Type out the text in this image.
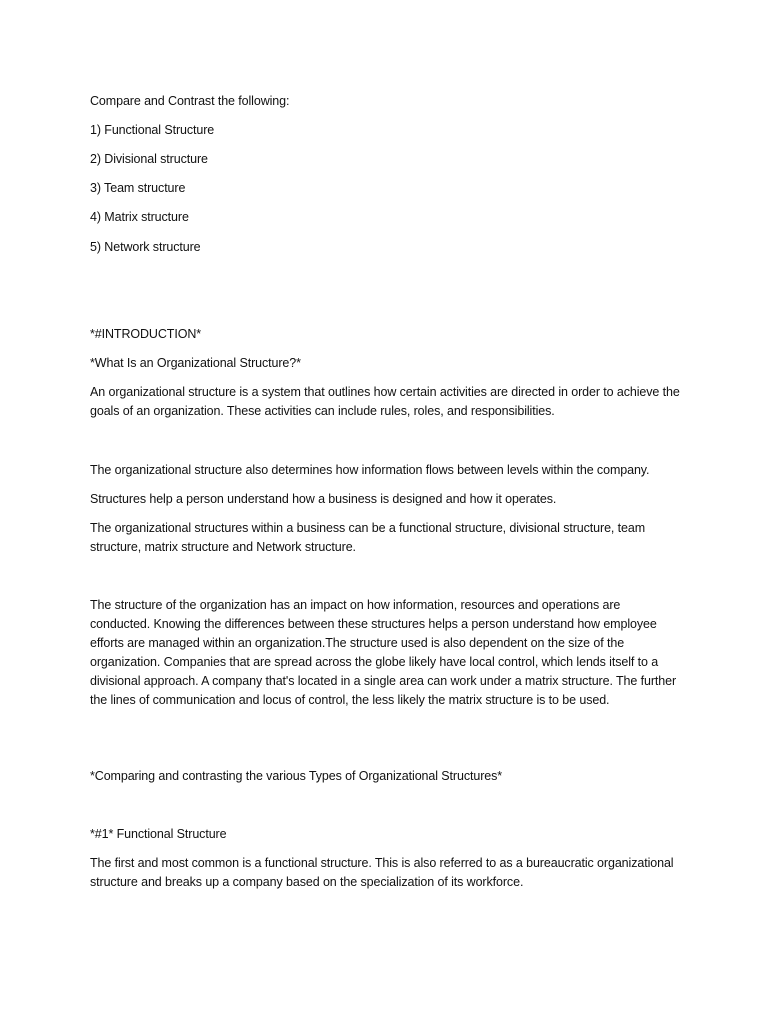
Compare and Contrast the following:

1) Functional Structure

2) Divisional structure

3) Team structure

4) Matrix structure

5) Network structure

*#INTRODUCTION*

*What Is an Organizational Structure?*

An organizational structure is a system that outlines how certain activities are directed in order to achieve the goals of an organization. These activities can include rules, roles, and responsibilities.

The organizational structure also determines how information flows between levels within the company.

Structures help a person understand how a business is designed and how it operates.

The organizational structures within a business can be a functional structure, divisional structure, team structure, matrix structure and Network structure.

The structure of the organization has an impact on how information, resources and operations are conducted. Knowing the differences between these structures helps a person understand how employee efforts are managed within an organization.The structure used is also dependent on the size of the organization. Companies that are spread across the globe likely have local control, which lends itself to a divisional approach. A company that's located in a single area can work under a matrix structure. The further the lines of communication and locus of control, the less likely the matrix structure is to be used.

*Comparing and contrasting the various Types of Organizational Structures*

*#1* Functional Structure

The first and most common is a functional structure. This is also referred to as a bureaucratic organizational structure and breaks up a company based on the specialization of its workforce.
